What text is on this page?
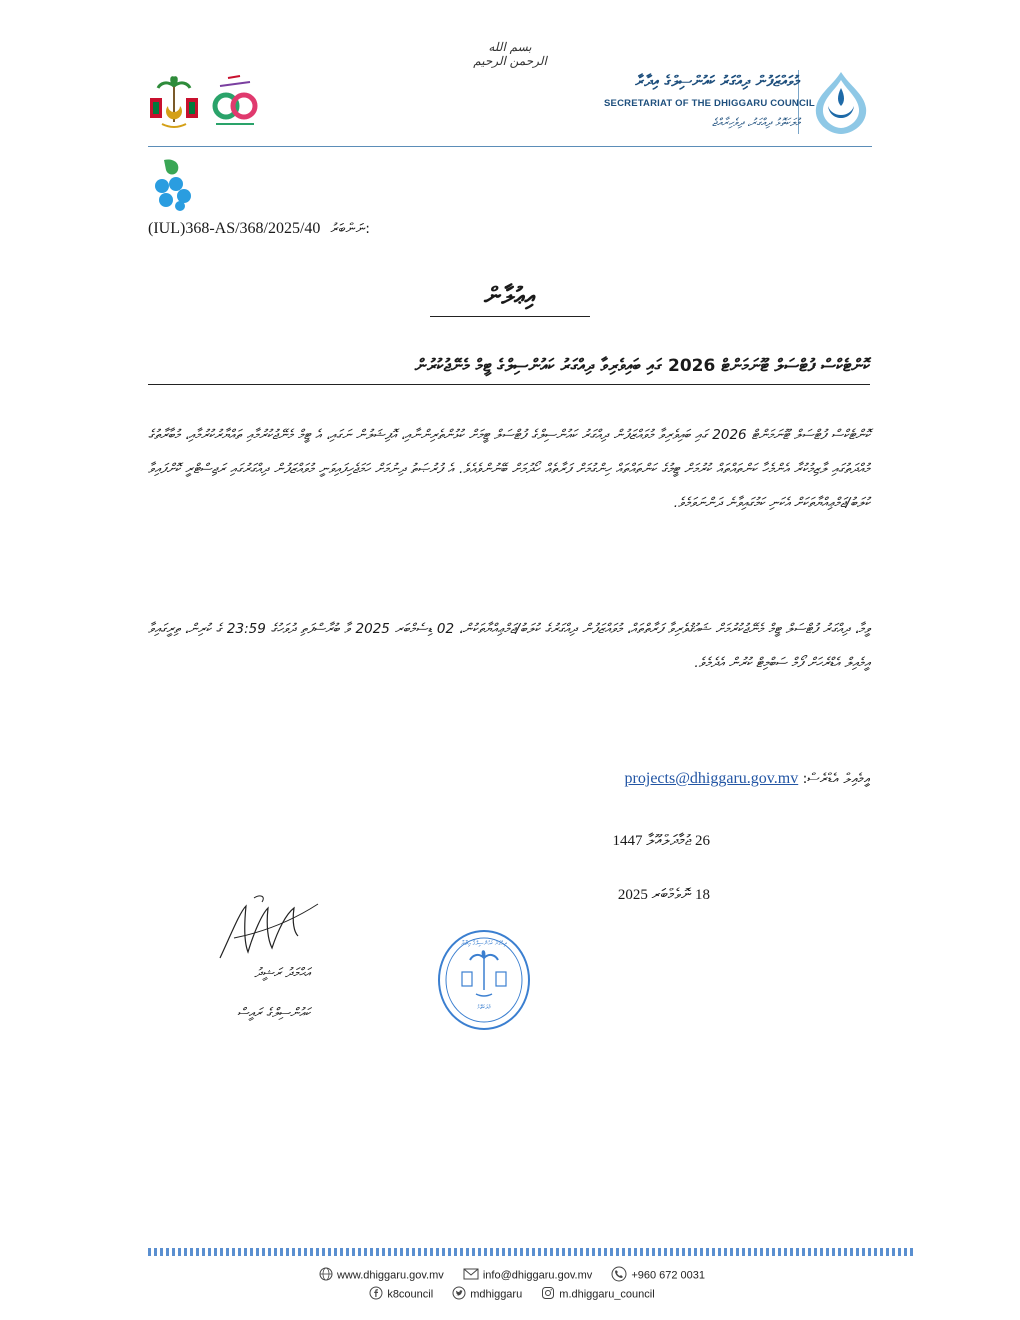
بسم الله الرحمن الرحيم
މުވައްޒަފުން ދިއްގަރު ކައުންސިލްގެ އިދާރާ
SECRETARIAT OF THE DHIGGARU COUNCIL
މުލަކަތޮޅު ދިއްގަރު، ދިވެހިރާއްޖެ
(IUL)368-AS/368/2025/40 ނަންބަރު:
އިޢުލާން
ކޮންޓެކްސް ފުޓްސަލް ޓޫނަމަންޓް 2026 ގައި ބައިވެރިވާ ދިއްގަރު ކައުންސިލްގެ ޓީމް މެނޭޖުކުރުން
ކޮންޓެކްސް ފުޓްސަލް ޓޫނަމަންޓް 2026 ގައި ބައިވެރިވާ މުވައްޒަފުން ދިއްގަރު ކައުންސިލްގެ ފުޓްސަލް ޓީމަށް ކުޅުންތެރިންނާއި، އޮފިޝަލުން ނަގައި، އެ ޓީމް މެނޭޖުކުރުމާއި ތައްޔާރުކުރުމާއި، މުބާރާތުގެ މުއްދަތުގައި ލާޒިމުކުރާ އެންމެހާ ކަންތައްތައް ކުރުމަށް ޓީމުގެ ކަންތައްތައް ހިންގުމަށް ފަރާތެއް ހޯދުމަށް ބޭނުންވެއެވެ. އެ ފުރުޞަތު ދިނުމަށް ހަމަޖެހިފައިވަނީ މުވައްޒަފުން ދިއްގަރުގައި ރަޖިސްޓްރީ ކޮށްފައިވާ ކުލަބު/ޖަމްޢިއްޔާތަކަށް އެކަނި ކަމުގައިވާނެ ދަންނަވަމެވެ.
ވީމާ، ދިއްގަރު ފުޓްސަލް ޓީމް މެނޭޖުކުރުމަށް ޝައުޤުވެރިވާ ފަރާތްތައް، މުވައްޒަފުން ދިއްގަރުގެ ކުލަބު/ޖަމްޢިއްޔާތަކުން، 02 ޑިސެމްބަރ 2025 ވާ ބުރާސްފަތި ދުވަހުގެ 23:59 ގެ ކުރިން، ތިރީގައިވާ އީމެއިލް އެޑްރެހަށް ފޯމް ސަބްމިޓް ކުރުން އެދެމެވެ.
އީމެއިލް އެޑްރެސް: projects@dhiggaru.gov.mv
26 ޖުމާދަލްއޫލާ 1447
18 ނޮވެމްބަރ 2025
އަޙްމަދު ރަޝީދު
ކައުންސިލްގެ ރައީސް
ދިއްގަރު ކައުންސިލްގެ އިދާރާ
މުލަކަތޮޅު
www.dhiggaru.gov.mv	info@dhiggaru.gov.mv	+960 672 0031
k8council	mdhiggaru	m.dhiggaru_council
